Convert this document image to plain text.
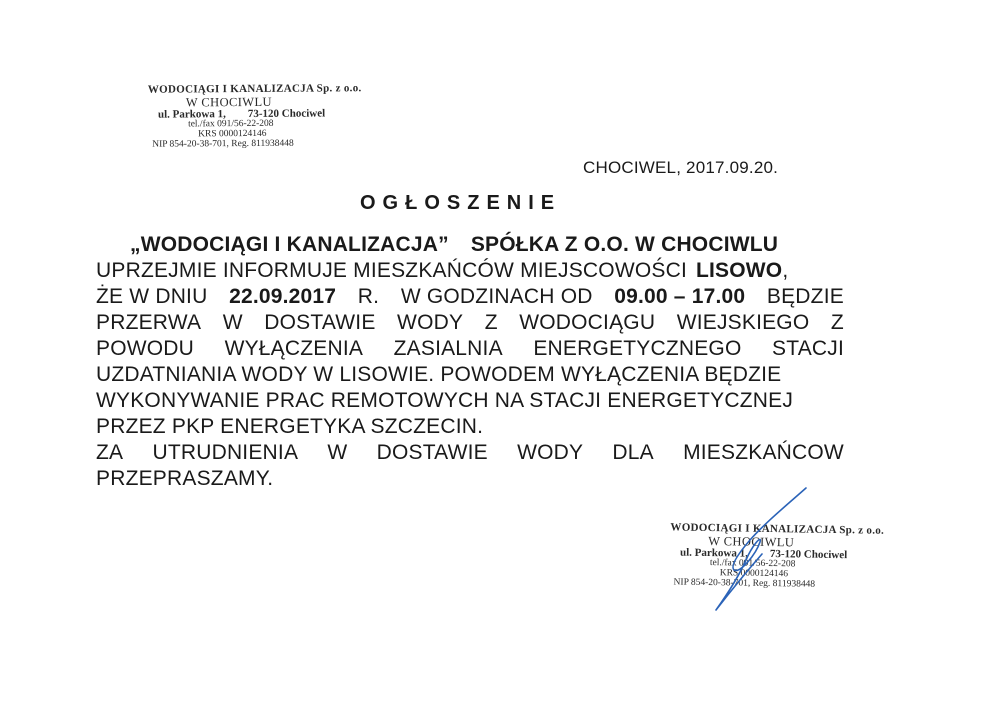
WODOCIĄGI I KANALIZACJA Sp. z o.o.
W CHOCIWLU
ul. Parkowa 1, 73-120 Chociwel
tel./fax 091/56-22-208
KRS 0000124146
NIP 854-20-38-701, Reg. 811938448
CHOCIWEL, 2017.09.20.
OGŁOSZENIE
„WODOCIĄGI I KANALIZACJA” SPÓŁKA Z O.O. W CHOCIWLU
UPRZEJMIE INFORMUJE MIESZKAŃCÓW MIEJSCOWOŚCI LISOWO ,
ŻE W DNIU 22.09.2017 R. W GODZINACH OD 09.00 – 17.00 BĘDZIE
PRZERWA W DOSTAWIE WODY Z WODOCIĄGU WIEJSKIEGO Z
POWODU WYŁĄCZENIA ZASIALNIA ENERGETYCZNEGO STACJI
UZDATNIANIA WODY W LISOWIE. POWODEM WYŁĄCZENIA BĘDZIE
WYKONYWANIE PRAC REMOTOWYCH NA STACJI ENERGETYCZNEJ
PRZEZ PKP ENERGETYKA SZCZECIN.
ZA UTRUDNIENIA W DOSTAWIE WODY DLA MIESZKAŃCOW
PRZEPRASZAMY.
WODOCIĄGI I KANALIZACJA Sp. z o.o.
W CHOCIWLU
ul. Parkowa 1, 73-120 Chociwel
tel./fax 091/56-22-208
KRS 0000124146
NIP 854-20-38-701, Reg. 811938448
